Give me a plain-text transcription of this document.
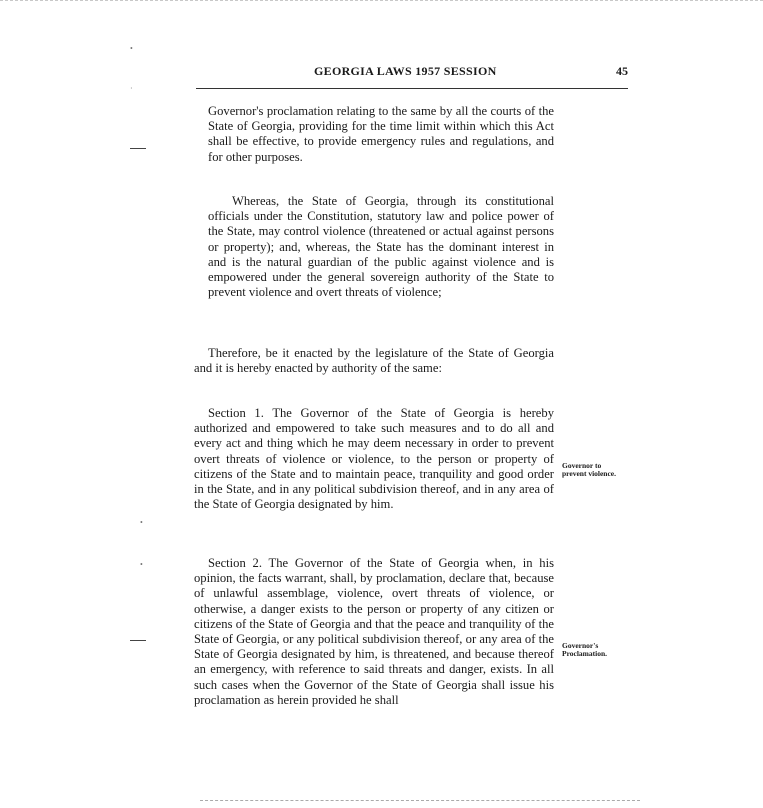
GEORGIA LAWS 1957 SESSION	45
Governor's proclamation relating to the same by all the courts of the State of Georgia, providing for the time limit within which this Act shall be effective, to provide emergency rules and regulations, and for other purposes.
Whereas, the State of Georgia, through its constitutional officials under the Constitution, statutory law and police power of the State, may control violence (threatened or actual against persons or property); and, whereas, the State has the dominant interest in and is the natural guardian of the public against violence and is empowered under the general sovereign authority of the State to prevent violence and overt threats of violence;
Therefore, be it enacted by the legislature of the State of Georgia and it is hereby enacted by authority of the same:
Section 1. The Governor of the State of Georgia is hereby authorized and empowered to take such measures and to do all and every act and thing which he may deem necessary in order to prevent overt threats of violence or violence, to the person or property of citizens of the State and to maintain peace, tranquility and good order in the State, and in any political subdivision thereof, and in any area of the State of Georgia designated by him.
Section 2. The Governor of the State of Georgia when, in his opinion, the facts warrant, shall, by proclamation, declare that, because of unlawful assemblage, violence, overt threats of violence, or otherwise, a danger exists to the person or property of any citizen or citizens of the State of Georgia and that the peace and tranquility of the State of Georgia, or any political subdivision thereof, or any area of the State of Georgia designated by him, is threatened, and because thereof an emergency, with reference to said threats and danger, exists. In all such cases when the Governor of the State of Georgia shall issue his proclamation as herein provided he shall
Governor to prevent violence.
Governor's Proclamation.
•
·
•
•
